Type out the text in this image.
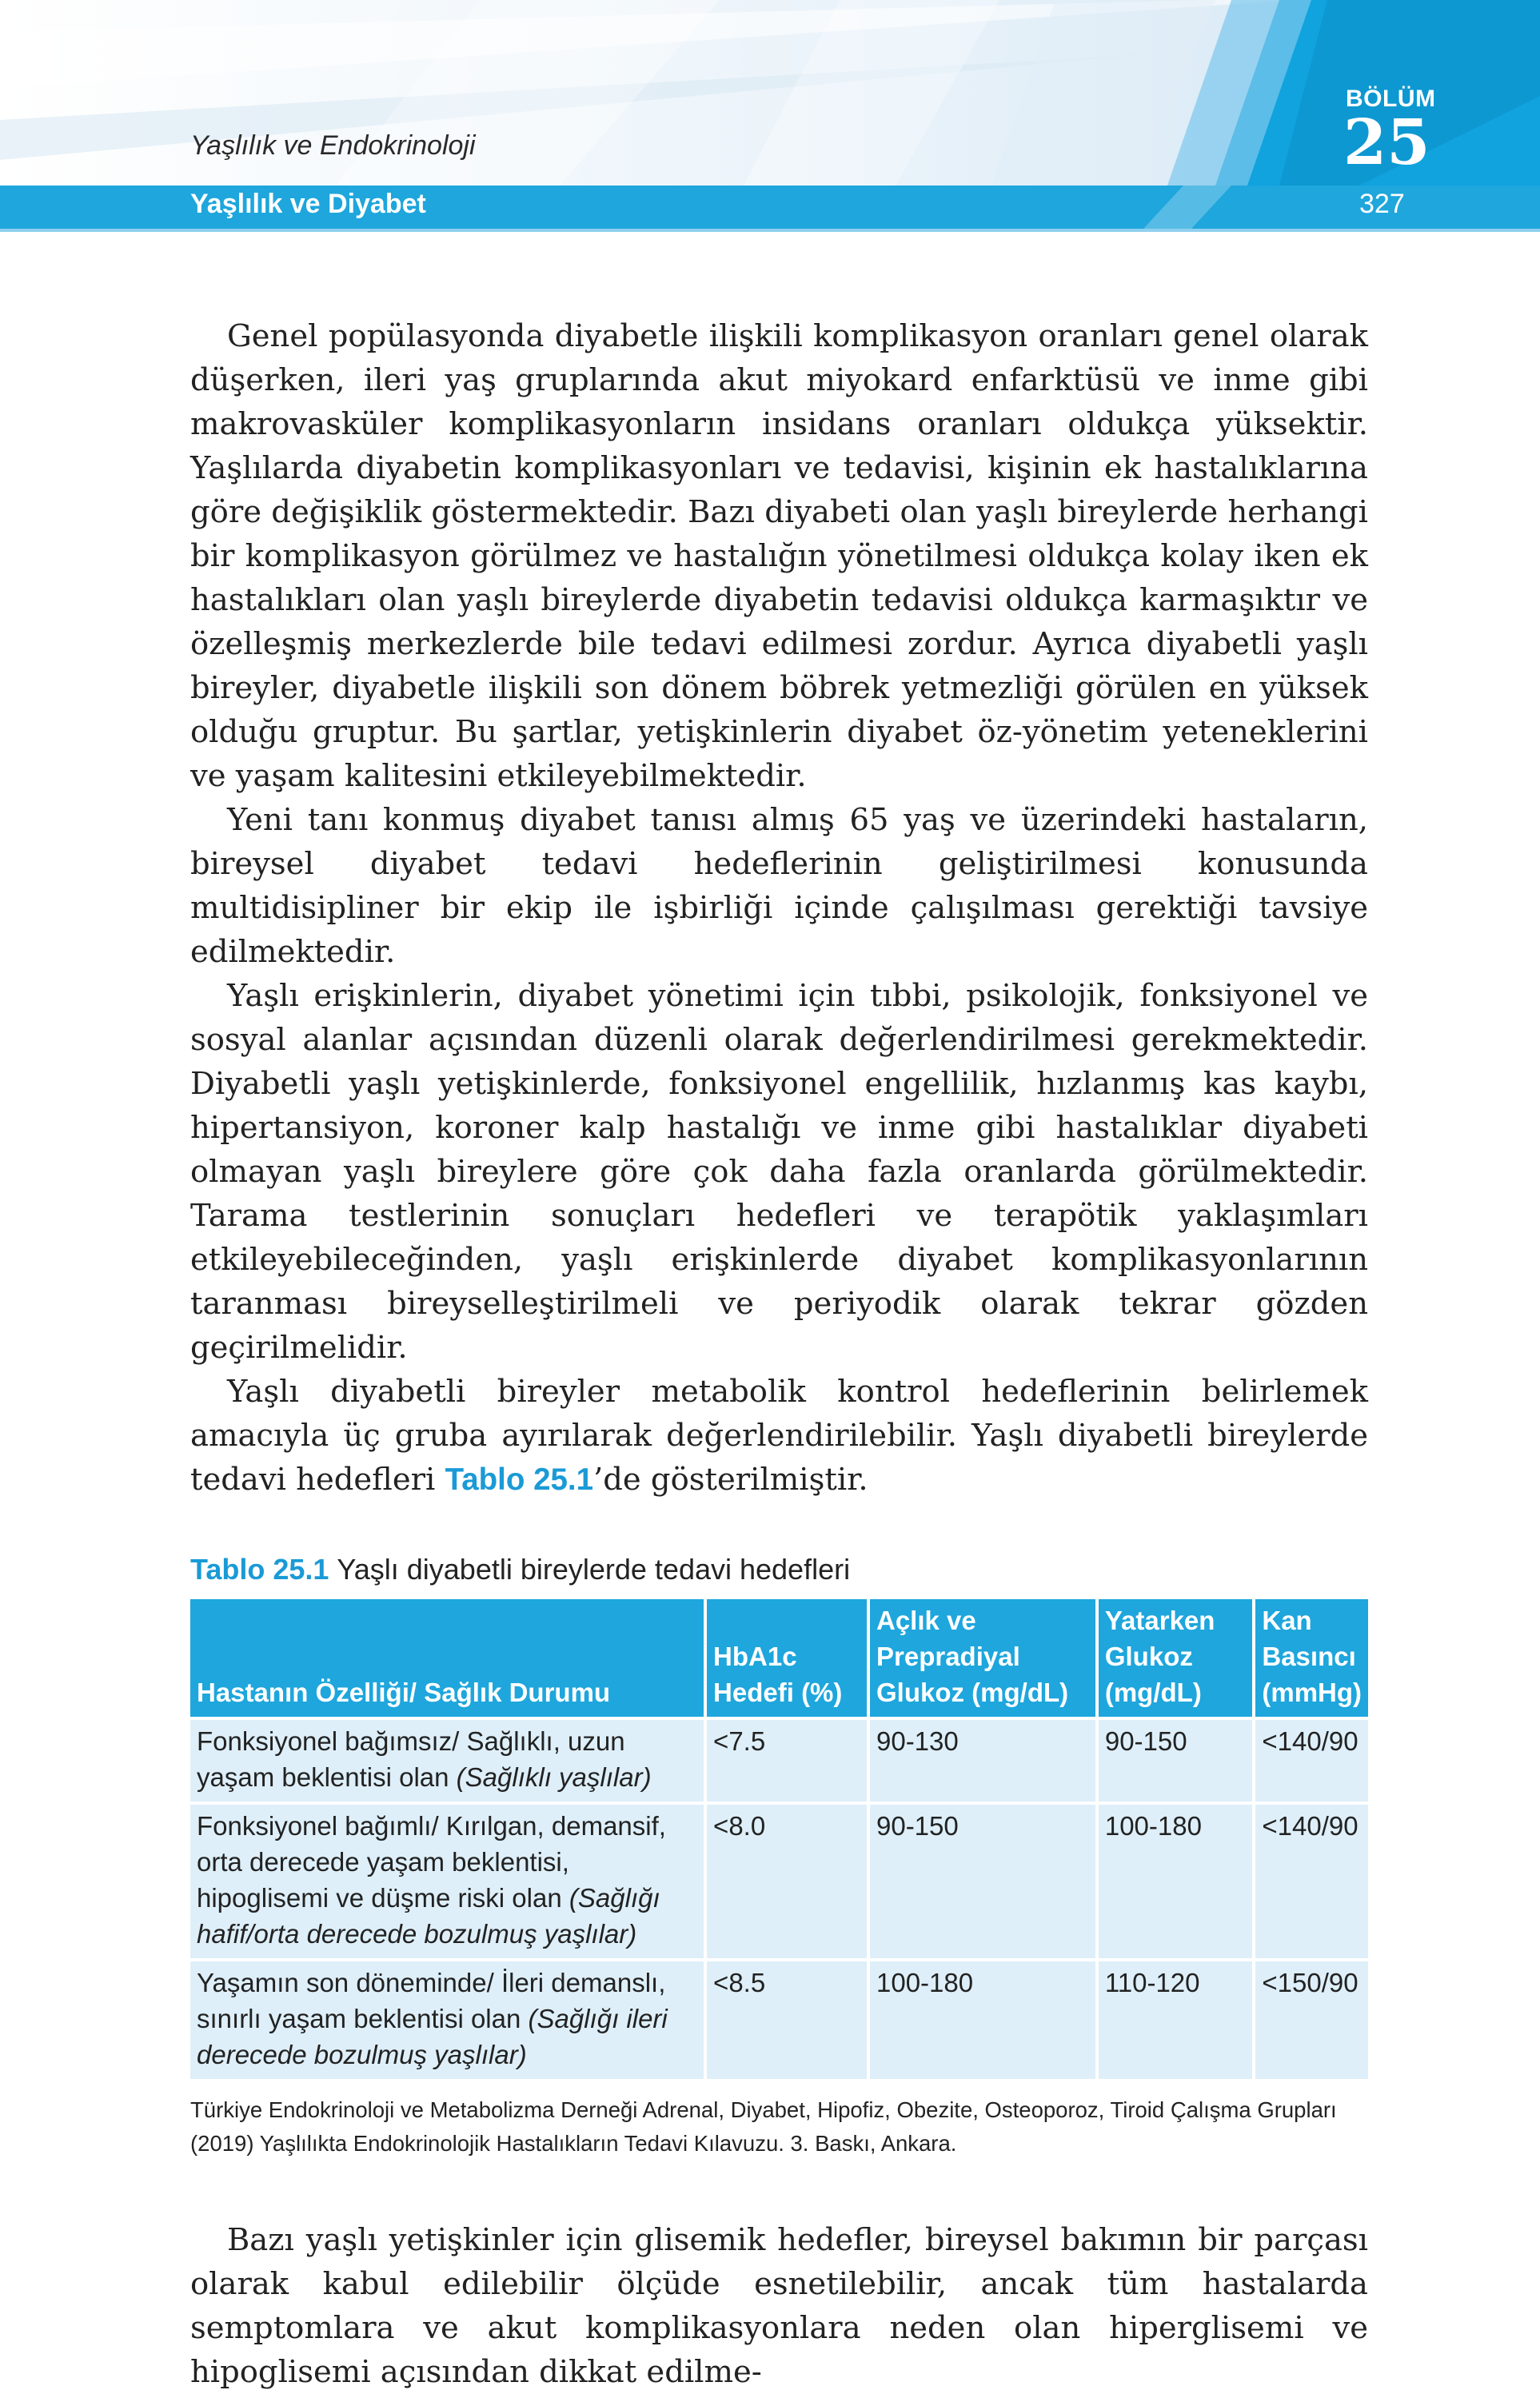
Yaşlılık ve Endokrinoloji
BÖLÜM
25
Yaşlılık ve Diyabet	327

Genel popülasyonda diyabetle ilişkili komplikasyon oranları genel olarak düşerken, ileri yaş gruplarında akut miyokard enfarktüsü ve inme gibi makrovasküler komplikasyonların insidans oranları oldukça yüksektir. Yaşlılarda diyabetin komplikasyonları ve tedavisi, kişinin ek hastalıklarına göre değişiklik göstermektedir. Bazı diyabeti olan yaşlı bireylerde herhangi bir komplikasyon görülmez ve hastalığın yönetilmesi oldukça kolay iken ek hastalıkları olan yaşlı bireylerde diyabetin tedavisi oldukça karmaşıktır ve özelleşmiş merkezlerde bile tedavi edilmesi zordur. Ayrıca diyabetli yaşlı bireyler, diyabetle ilişkili son dönem böbrek yetmezliği görülen en yüksek olduğu gruptur. Bu şartlar, yetişkinlerin diyabet öz-yönetim yeteneklerini ve yaşam kalitesini etkileyebilmektedir.

Yeni tanı konmuş diyabet tanısı almış 65 yaş ve üzerindeki hastaların, bireysel diyabet tedavi hedeflerinin geliştirilmesi konusunda multidisipliner bir ekip ile işbirliği içinde çalışılması gerektiği tavsiye edilmektedir.

Yaşlı erişkinlerin, diyabet yönetimi için tıbbi, psikolojik, fonksiyonel ve sosyal alanlar açısından düzenli olarak değerlendirilmesi gerekmektedir. Diyabetli yaşlı yetişkinlerde, fonksiyonel engellilik, hızlanmış kas kaybı, hipertansiyon, koroner kalp hastalığı ve inme gibi hastalıklar diyabeti olmayan yaşlı bireylere göre çok daha fazla oranlarda görülmektedir. Tarama testlerinin sonuçları hedefleri ve terapötik yaklaşımları etkileyebileceğinden, yaşlı erişkinlerde diyabet komplikasyonlarının taranması bireyselleştirilmeli ve periyodik olarak tekrar gözden geçirilmelidir.

Yaşlı diyabetli bireyler metabolik kontrol hedeflerinin belirlemek amacıyla üç gruba ayırılarak değerlendirilebilir. Yaşlı diyabetli bireylerde tedavi hedefleri Tablo 25.1’de gösterilmiştir.

Tablo 25.1 Yaşlı diyabetli bireylerde tedavi hedefleri
Hastanın Özelliği/ Sağlık Durumu	HbA1c Hedefi (%)	Açlık ve Prepradiyal Glukoz (mg/dL)	Yatarken Glukoz (mg/dL)	Kan Basıncı (mmHg)
Fonksiyonel bağımsız/ Sağlıklı, uzun yaşam beklentisi olan (Sağlıklı yaşlılar)	<7.5	90-130	90-150	<140/90
Fonksiyonel bağımlı/ Kırılgan, demansif, orta derecede yaşam beklentisi, hipoglisemi ve düşme riski olan (Sağlığı hafif/orta derecede bozulmuş yaşlılar)	<8.0	90-150	100-180	<140/90
Yaşamın son döneminde/ İleri demanslı, sınırlı yaşam beklentisi olan (Sağlığı ileri derecede bozulmuş yaşlılar)	<8.5	100-180	110-120	<150/90

Türkiye Endokrinoloji ve Metabolizma Derneği Adrenal, Diyabet, Hipofiz, Obezite, Osteoporoz, Tiroid Çalışma Grupları (2019) Yaşlılıkta Endokrinolojik Hastalıkların Tedavi Kılavuzu. 3. Baskı, Ankara.

Bazı yaşlı yetişkinler için glisemik hedefler, bireysel bakımın bir parçası olarak kabul edilebilir ölçüde esnetilebilir, ancak tüm hastalarda semptomlara ve akut komplikasyonlara neden olan hiperglisemi ve hipoglisemi açısından dikkat edilme-
